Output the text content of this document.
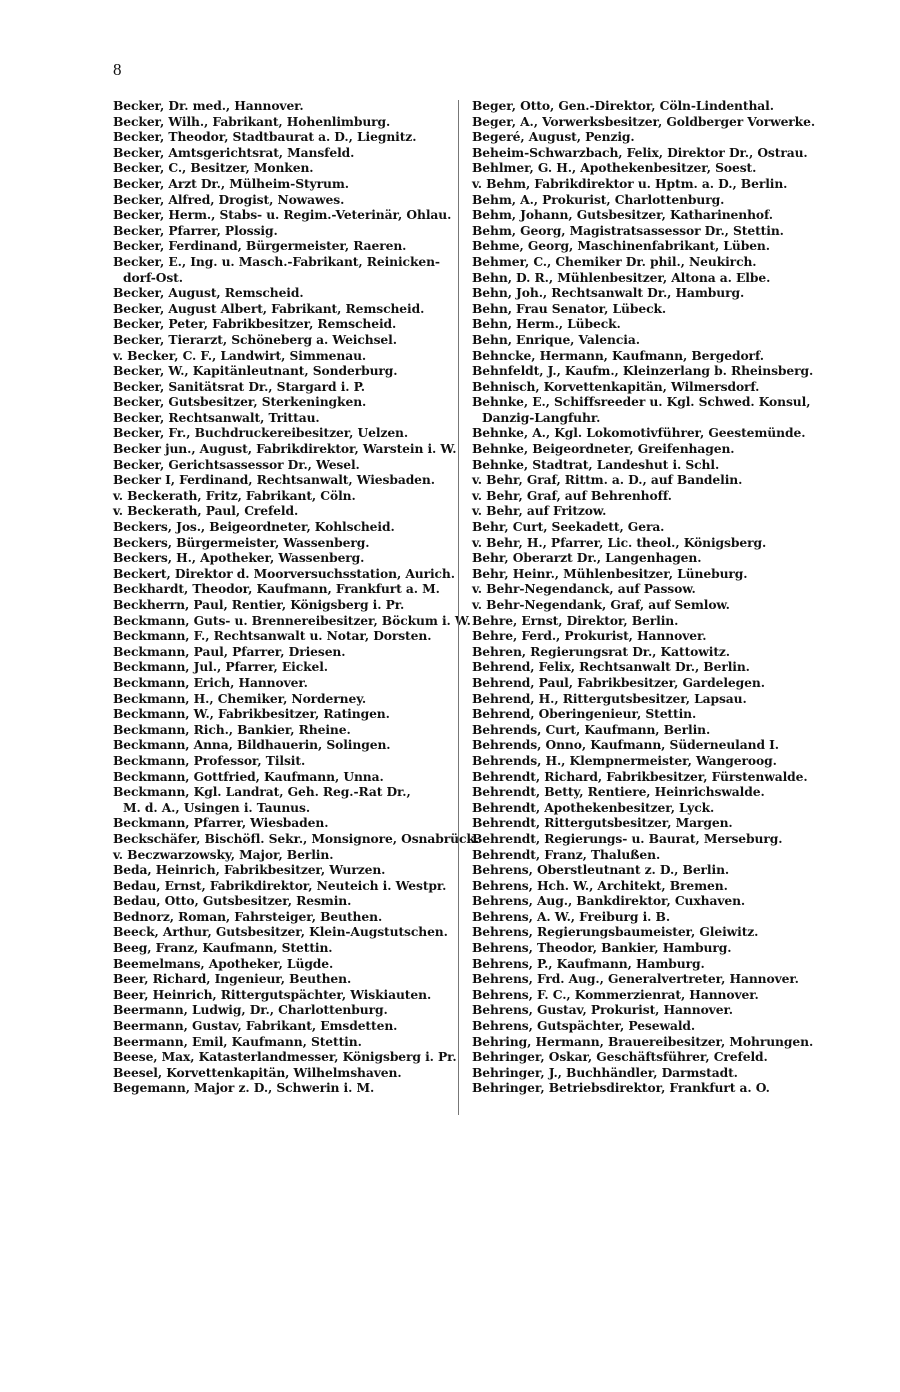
8
Becker, Dr. med., Hannover.
Becker, Wilh., Fabrikant, Hohenlimburg.
Becker, Theodor, Stadtbaurat a. D., Liegnitz.
Becker, Amtsgerichtsrat, Mansfeld.
Becker, C., Besitzer, Monken.
Becker, Arzt Dr., Mülheim-Styrum.
Becker, Alfred, Drogist, Nowawes.
Becker, Herm., Stabs- u. Regim.-Veterinär, Ohlau.
Becker, Pfarrer, Plossig.
Becker, Ferdinand, Bürgermeister, Raeren.
Becker, E., Ing. u. Masch.-Fabrikant, Reinicken-
dorf-Ost.
Becker, August, Remscheid.
Becker, August Albert, Fabrikant, Remscheid.
Becker, Peter, Fabrikbesitzer, Remscheid.
Becker, Tierarzt, Schöneberg a. Weichsel.
v. Becker, C. F., Landwirt, Simmenau.
Becker, W., Kapitänleutnant, Sonderburg.
Becker, Sanitätsrat Dr., Stargard i. P.
Becker, Gutsbesitzer, Sterkeningken.
Becker, Rechtsanwalt, Trittau.
Becker, Fr., Buchdruckereibesitzer, Uelzen.
Becker jun., August, Fabrikdirektor, Warstein i. W.
Becker, Gerichtsassessor Dr., Wesel.
Becker I, Ferdinand, Rechtsanwalt, Wiesbaden.
v. Beckerath, Fritz, Fabrikant, Cöln.
v. Beckerath, Paul, Crefeld.
Beckers, Jos., Beigeordneter, Kohlscheid.
Beckers, Bürgermeister, Wassenberg.
Beckers, H., Apotheker, Wassenberg.
Beckert, Direktor d. Moorversuchsstation, Aurich.
Beckhardt, Theodor, Kaufmann, Frankfurt a. M.
Beckherrn, Paul, Rentier, Königsberg i. Pr.
Beckmann, Guts- u. Brennereibesitzer, Böckum i. W.
Beckmann, F., Rechtsanwalt u. Notar, Dorsten.
Beckmann, Paul, Pfarrer, Driesen.
Beckmann, Jul., Pfarrer, Eickel.
Beckmann, Erich, Hannover.
Beckmann, H., Chemiker, Norderney.
Beckmann, W., Fabrikbesitzer, Ratingen.
Beckmann, Rich., Bankier, Rheine.
Beckmann, Anna, Bildhauerin, Solingen.
Beckmann, Professor, Tilsit.
Beckmann, Gottfried, Kaufmann, Unna.
Beckmann, Kgl. Landrat, Geh. Reg.-Rat Dr.,
M. d. A., Usingen i. Taunus.
Beckmann, Pfarrer, Wiesbaden.
Beckschäfer, Bischöfl. Sekr., Monsignore, Osnabrück.
v. Beczwarzowsky, Major, Berlin.
Beda, Heinrich, Fabrikbesitzer, Wurzen.
Bedau, Ernst, Fabrikdirektor, Neuteich i. Westpr.
Bedau, Otto, Gutsbesitzer, Resmin.
Bednorz, Roman, Fahrsteiger, Beuthen.
Beeck, Arthur, Gutsbesitzer, Klein-Augstutschen.
Beeg, Franz, Kaufmann, Stettin.
Beemelmans, Apotheker, Lügde.
Beer, Richard, Ingenieur, Beuthen.
Beer, Heinrich, Rittergutspächter, Wiskiauten.
Beermann, Ludwig, Dr., Charlottenburg.
Beermann, Gustav, Fabrikant, Emsdetten.
Beermann, Emil, Kaufmann, Stettin.
Beese, Max, Katasterlandmesser, Königsberg i. Pr.
Beesel, Korvettenkapitän, Wilhelmshaven.
Begemann, Major z. D., Schwerin i. M.
Beger, Otto, Gen.-Direktor, Cöln-Lindenthal.
Beger, A., Vorwerksbesitzer, Goldberger Vorwerke.
Begeré, August, Penzig.
Beheim-Schwarzbach, Felix, Direktor Dr., Ostrau.
Behlmer, G. H., Apothekenbesitzer, Soest.
v. Behm, Fabrikdirektor u. Hptm. a. D., Berlin.
Behm, A., Prokurist, Charlottenburg.
Behm, Johann, Gutsbesitzer, Katharinenhof.
Behm, Georg, Magistratsassessor Dr., Stettin.
Behme, Georg, Maschinenfabrikant, Lüben.
Behmer, C., Chemiker Dr. phil., Neukirch.
Behn, D. R., Mühlenbesitzer, Altona a. Elbe.
Behn, Joh., Rechtsanwalt Dr., Hamburg.
Behn, Frau Senator, Lübeck.
Behn, Herm., Lübeck.
Behn, Enrique, Valencia.
Behncke, Hermann, Kaufmann, Bergedorf.
Behnfeldt, J., Kaufm., Kleinzerlang b. Rheinsberg.
Behnisch, Korvettenkapitän, Wilmersdorf.
Behnke, E., Schiffsreeder u. Kgl. Schwed. Konsul,
Danzig-Langfuhr.
Behnke, A., Kgl. Lokomotivführer, Geestemünde.
Behnke, Beigeordneter, Greifenhagen.
Behnke, Stadtrat, Landeshut i. Schl.
v. Behr, Graf, Rittm. a. D., auf Bandelin.
v. Behr, Graf, auf Behrenhoff.
v. Behr, auf Fritzow.
Behr, Curt, Seekadett, Gera.
v. Behr, H., Pfarrer, Lic. theol., Königsberg.
Behr, Oberarzt Dr., Langenhagen.
Behr, Heinr., Mühlenbesitzer, Lüneburg.
v. Behr-Negendanck, auf Passow.
v. Behr-Negendank, Graf, auf Semlow.
Behre, Ernst, Direktor, Berlin.
Behre, Ferd., Prokurist, Hannover.
Behren, Regierungsrat Dr., Kattowitz.
Behrend, Felix, Rechtsanwalt Dr., Berlin.
Behrend, Paul, Fabrikbesitzer, Gardelegen.
Behrend, H., Rittergutsbesitzer, Lapsau.
Behrend, Oberingenieur, Stettin.
Behrends, Curt, Kaufmann, Berlin.
Behrends, Onno, Kaufmann, Süderneuland I.
Behrends, H., Klempnermeister, Wangeroog.
Behrendt, Richard, Fabrikbesitzer, Fürstenwalde.
Behrendt, Betty, Rentiere, Heinrichswalde.
Behrendt, Apothekenbesitzer, Lyck.
Behrendt, Rittergutsbesitzer, Margen.
Behrendt, Regierungs- u. Baurat, Merseburg.
Behrendt, Franz, Thalußen.
Behrens, Oberstleutnant z. D., Berlin.
Behrens, Hch. W., Architekt, Bremen.
Behrens, Aug., Bankdirektor, Cuxhaven.
Behrens, A. W., Freiburg i. B.
Behrens, Regierungsbaumeister, Gleiwitz.
Behrens, Theodor, Bankier, Hamburg.
Behrens, P., Kaufmann, Hamburg.
Behrens, Frd. Aug., Generalvertreter, Hannover.
Behrens, F. C., Kommerzienrat, Hannover.
Behrens, Gustav, Prokurist, Hannover.
Behrens, Gutspächter, Pesewald.
Behring, Hermann, Brauereibesitzer, Mohrungen.
Behringer, Oskar, Geschäftsführer, Crefeld.
Behringer, J., Buchhändler, Darmstadt.
Behringer, Betriebsdirektor, Frankfurt a. O.
